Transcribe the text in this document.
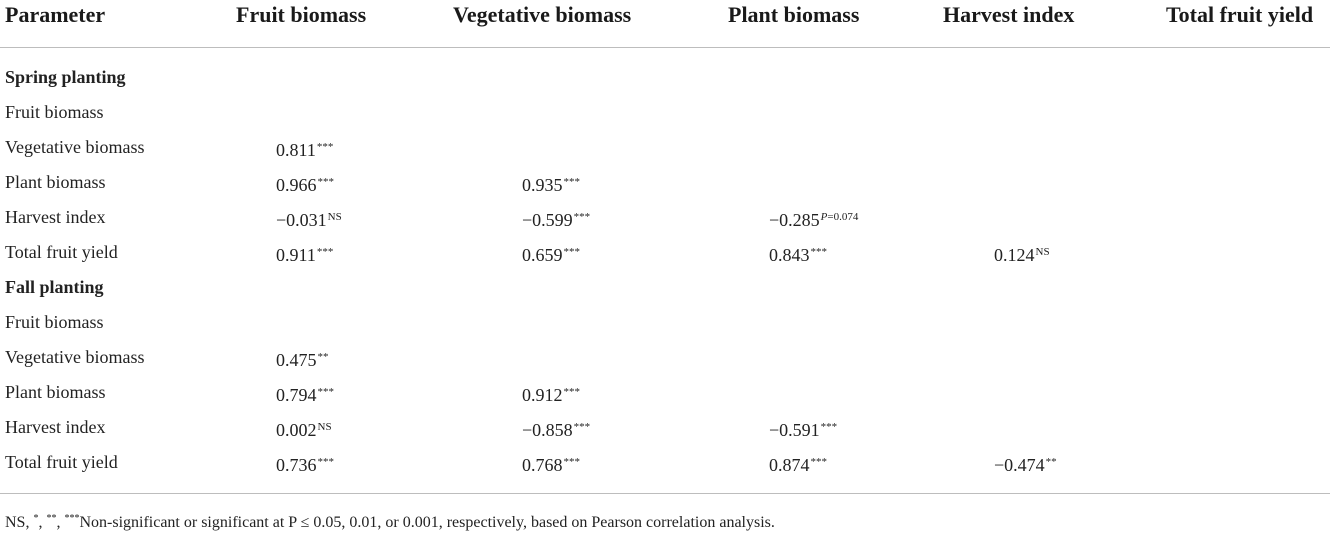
Parameter	Fruit biomass	Vegetative biomass	Plant biomass	Harvest index	Total fruit yield
Spring planting
Fruit biomass
Vegetative biomass	0.811***
Plant biomass	0.966***	0.935***
Harvest index	$-0.031^{NS}$	−0.599***	$-0.285^{P=0.074}$
Total fruit yield	0.911***	0.659***	0.843***	$0.124^{NS}$
Fall planting
Fruit biomass
Vegetative biomass	0.475**
Plant biomass	0.794***	0.912***
Harvest index	$0.002^{NS}$	−0.858***	−0.591***
Total fruit yield	0.736***	0.768***	0.874***	−0.474**
NS, *, **, ***Non-significant or significant at P ≤ 0.05, 0.01, or 0.001, respectively, based on Pearson correlation analysis.
